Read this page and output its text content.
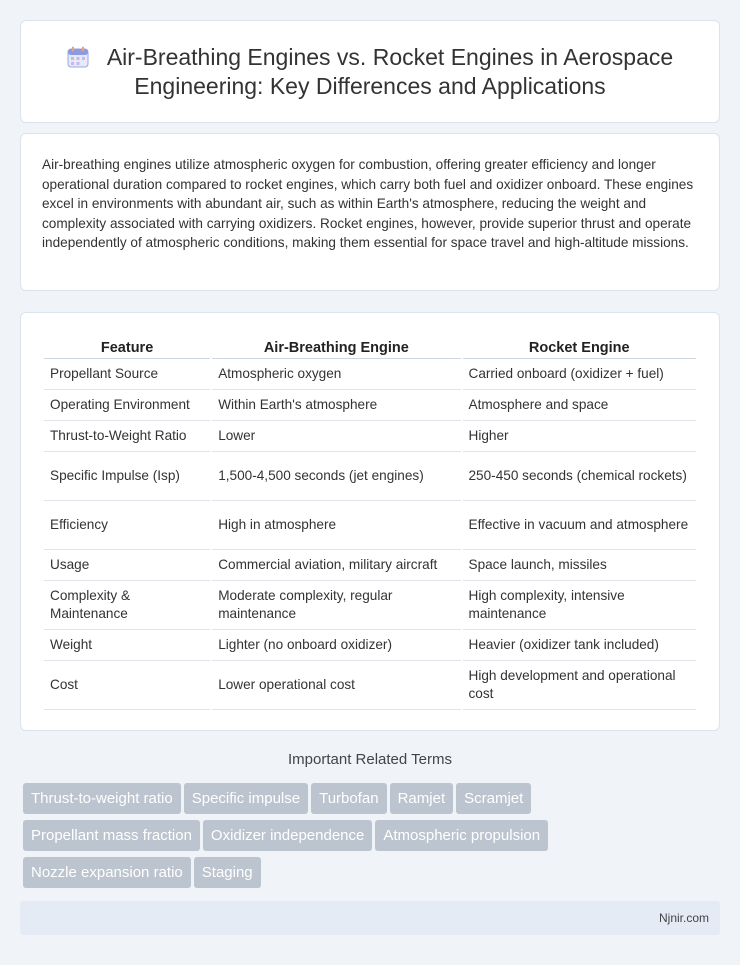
Air-Breathing Engines vs. Rocket Engines in Aerospace Engineering: Key Differences and Applications

Air-breathing engines utilize atmospheric oxygen for combustion, offering greater efficiency and longer operational duration compared to rocket engines, which carry both fuel and oxidizer onboard. These engines excel in environments with abundant air, such as within Earth's atmosphere, reducing the weight and complexity associated with carrying oxidizers. Rocket engines, however, provide superior thrust and operate independently of atmospheric conditions, making them essential for space travel and high-altitude missions.

Feature	Air-Breathing Engine	Rocket Engine
Propellant Source	Atmospheric oxygen	Carried onboard (oxidizer + fuel)
Operating Environment	Within Earth's atmosphere	Atmosphere and space
Thrust-to-Weight Ratio	Lower	Higher
Specific Impulse (Isp)	1,500-4,500 seconds (jet engines)	250-450 seconds (chemical rockets)
Efficiency	High in atmosphere	Effective in vacuum and atmosphere
Usage	Commercial aviation, military aircraft	Space launch, missiles
Complexity & Maintenance	Moderate complexity, regular maintenance	High complexity, intensive maintenance
Weight	Lighter (no onboard oxidizer)	Heavier (oxidizer tank included)
Cost	Lower operational cost	High development and operational cost
Important Related Terms
Thrust-to-weight ratio Specific impulse Turbofan Ramjet Scramjet
Propellant mass fraction Oxidizer independence Atmospheric propulsion
Nozzle expansion ratio Staging
Njnir.com
